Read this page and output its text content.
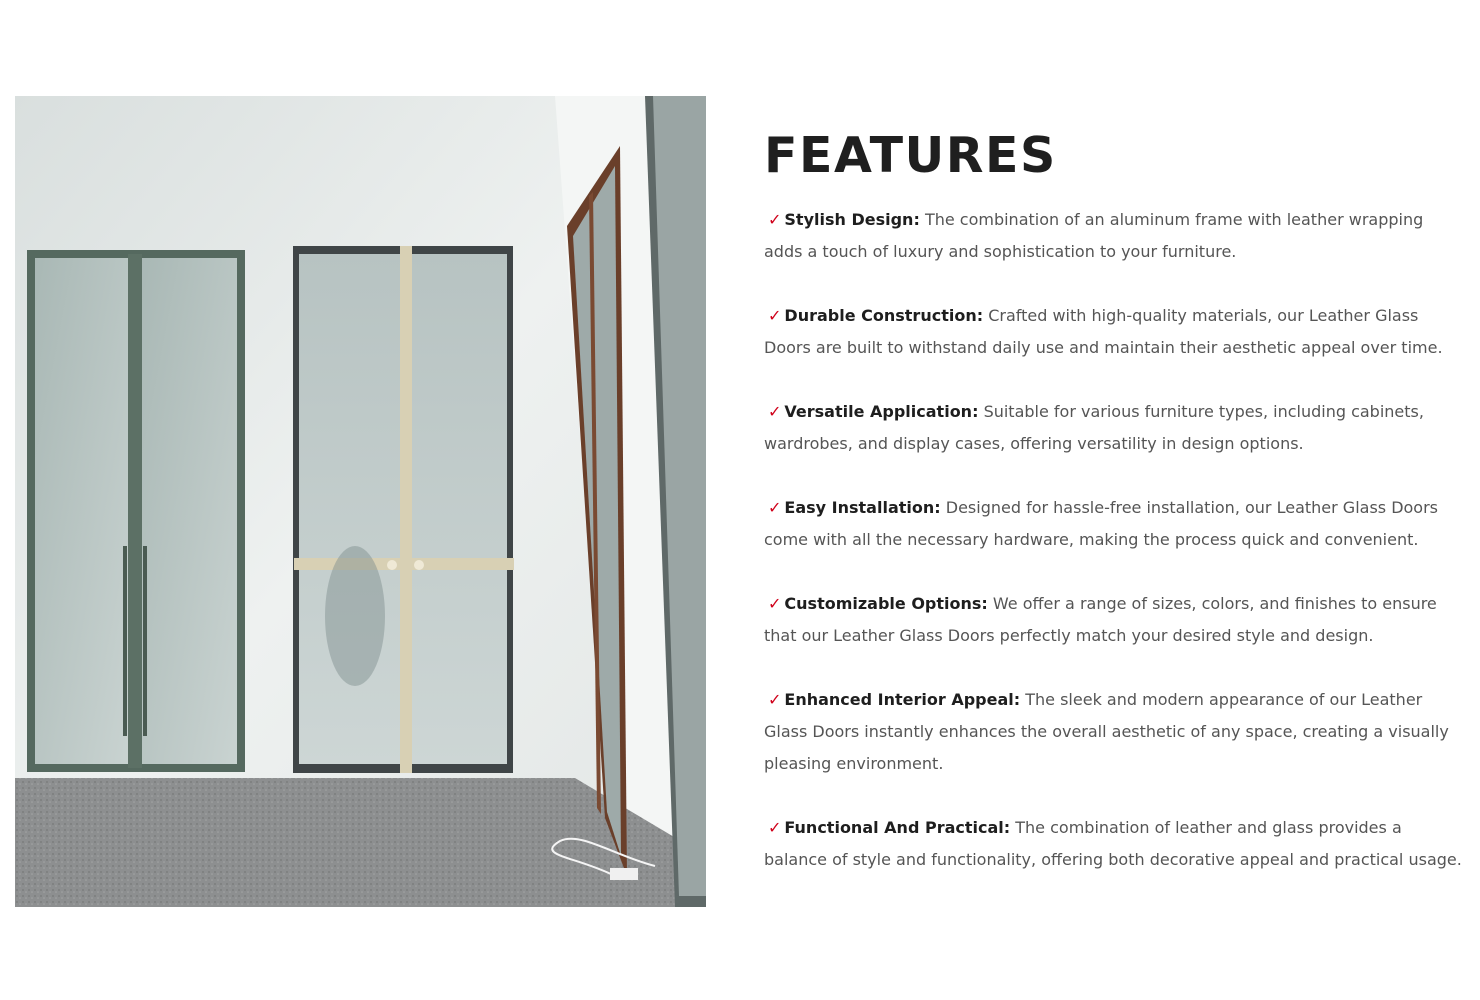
FEATURES
✓ Stylish Design: The combination of an aluminum frame with leather wrapping adds a touch of luxury and sophistication to your furniture.
✓ Durable Construction: Crafted with high-quality materials, our Leather Glass Doors are built to withstand daily use and maintain their aesthetic appeal over time.
✓ Versatile Application: Suitable for various furniture types, including cabinets, wardrobes, and display cases, offering versatility in design options.
✓ Easy Installation: Designed for hassle-free installation, our Leather Glass Doors come with all the necessary hardware, making the process quick and convenient.
✓ Customizable Options: We offer a range of sizes, colors, and finishes to ensure that our Leather Glass Doors perfectly match your desired style and design.
✓ Enhanced Interior Appeal: The sleek and modern appearance of our Leather Glass Doors instantly enhances the overall aesthetic of any space, creating a visually pleasing environment.
✓ Functional And Practical: The combination of leather and glass provides a balance of style and functionality, offering both decorative appeal and practical usage.
